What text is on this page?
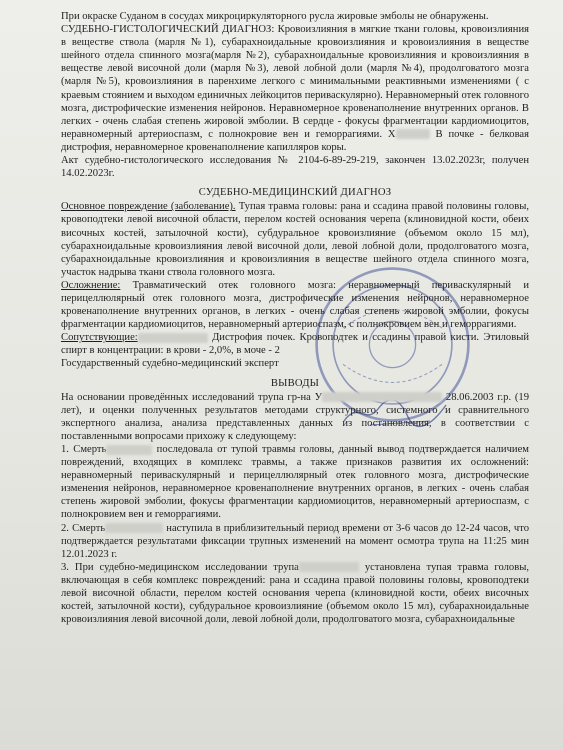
При окраске Суданом в сосудах микроциркуляторного русла жировые эмболы не обнаружены.

СУДЕБНО-ГИСТОЛОГИЧЕСКИЙ ДИАГНОЗ: Кровоизлияния в мягкие ткани головы, кровоизлияния в веществе ствола (марля №1), субарахноидальные кровоизлияния и кровоизлияния в веществе шейного отдела спинного мозга(марля №2), субарахноидальные кровоизлияния и кровоизлияния в веществе левой височной доли (марля №3), левой лобной доли (марля №4), продолговатого мозга (марля №5), кровоизлияния в паренхиме легкого с минимальными реактивными изменениями ( с краевым стоянием и выходом единичных лейкоцитов периваскулярно). Неравномерный отек головного мозга, дистрофические изменения нейронов. Неравномерное кровенаполнение внутренних органов. В легких - очень слабая степень жировой эмболии. В сердце - фокусы фрагментации кардиомиоцитов, неравномерный артериоспазм, с полнокровие вен и геморрагиями. Х	В почке - белковая дистрофия, неравномерное кровенаполнение капилляров коры.

Акт судебно-гистологического исследования № 2104-6-89-29-219, закончен 13.02.2023г, получен 14.02.2023г.

СУДЕБНО-МЕДИЦИНСКИЙ ДИАГНОЗ

Основное повреждение (заболевание). Тупая травма головы: рана и ссадина правой половины головы, кровоподтеки левой височной области, перелом костей основания черепа (клиновидной кости, обеих височных костей, затылочной кости), субдуральное кровоизлияние (объемом около 15 мл), субарахноидальные кровоизлияния левой височной доли, левой лобной доли, продолговатого мозга, субарахноидальные кровоизлияния и кровоизлияния в веществе шейного отдела спинного мозга, участок надрыва ткани ствола головного мозга.

Осложнение: Травматический отек головного мозга: неравномерный периваскулярный и перицеллюлярный отек головного мозга, дистрофические изменения нейронов, неравномерное кровенаполнение внутренних органов, в легких - очень слабая степень жировой эмболии, фокусы фрагментации кардиомиоцитов, неравномерный артериоспазм, с полнокровием вен и геморрагиями.

Сопутствующие:	Дистрофия почек. Кровоподтек и ссадины правой кисти. Этиловый спирт в концентрации: в крови - 2,0%, в моче - 2

Государственный судебно-медицинский эксперт

ВЫВОДЫ

На основании проведённых исследований трупа гр-на У	28.06.2003 г.р. (19 лет), и оценки полученных результатов методами структурного, системного и сравнительного экспертного анализа, анализа представленных данных из постановления, в соответствии с поставленными вопросами прихожу к следующему:

1. Смерть	последовала от тупой травмы головы, данный вывод подтверждается наличием повреждений, входящих в комплекс травмы, а также признаков развития их осложнений: неравномерный периваскулярный и перицеллюлярный отек головного мозга, дистрофические изменения нейронов, неравномерное кровенаполнение внутренних органов, в легких - очень слабая степень жировой эмболии, фокусы фрагментации кардиомиоцитов, неравномерный артериоспазм, с полнокровием вен и геморрагиями.

2. Смерть	наступила в приблизительный период времени от 3-6 часов до 12-24 часов, что подтверждается результатами фиксации трупных изменений на момент осмотра трупа на 11:25 мин 12.01.2023 г.

3. При судебно-медицинском исследовании трупа	установлена тупая травма головы, включающая в себя комплекс повреждений: рана и ссадина правой половины головы, кровоподтеки левой височной области, перелом костей основания черепа (клиновидной кости, обеих височных костей, затылочной кости), субдуральное кровоизлияние (объемом около 15 мл), субарахноидальные кровоизлияния левой височной доли, левой лобной доли, продолговатого мозга, субарахноидальные
